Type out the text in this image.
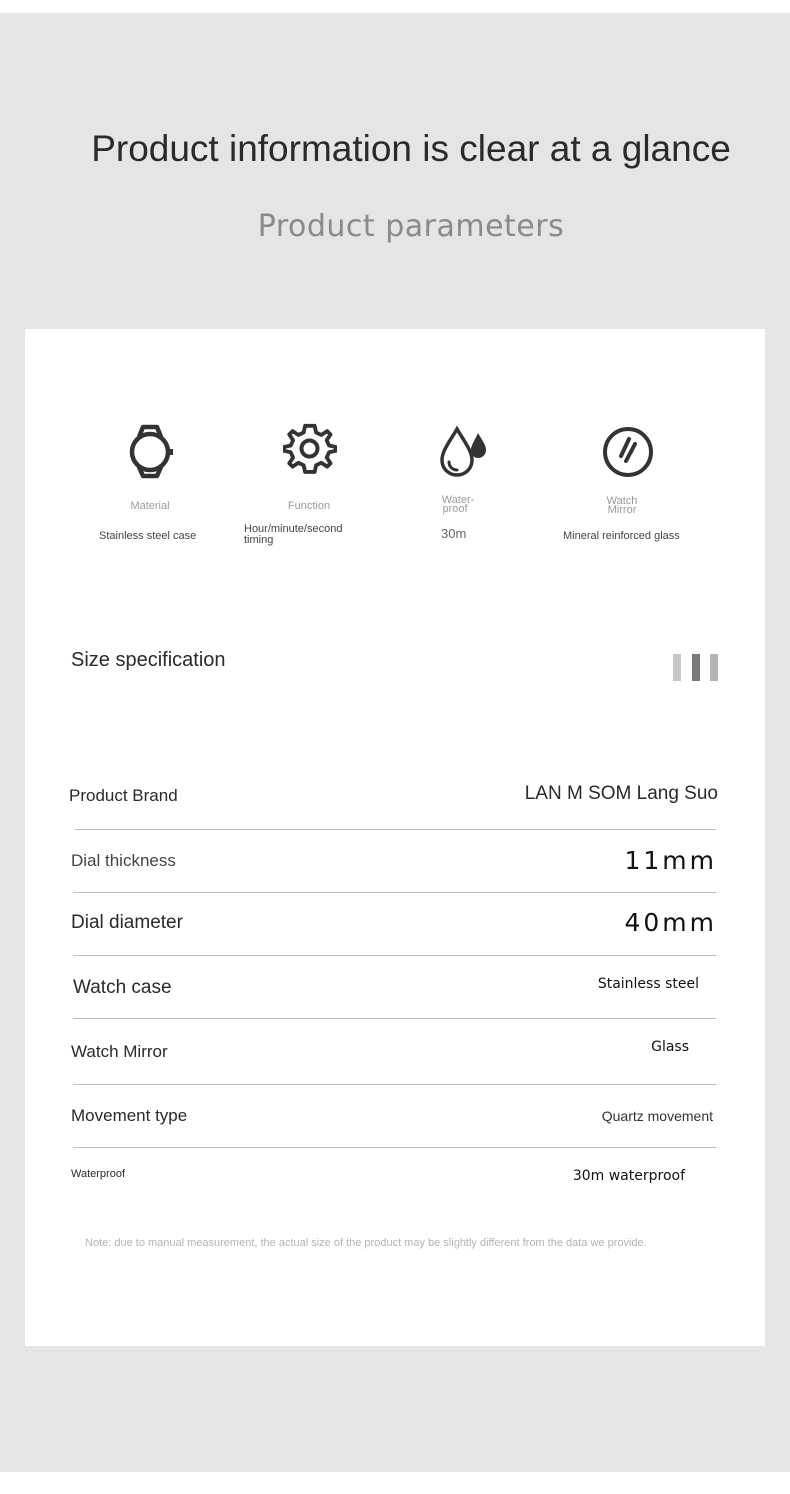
Product information is clear at a glance
Product parameters
Material
Stainless steel case
Function
Hour/minute/second
timing
Water-
proof
30m
Watch
Mirror
Mineral reinforced glass
Size specification
Product Brand	LAN M SOM Lang Suo
Dial thickness	11mm
Dial diameter	40mm
Watch case	Stainless steel
Watch Mirror	Glass
Movement type	Quartz movement
Waterproof	30m waterproof
Note: due to manual measurement, the actual size of the product may be slightly different from the data we provide.
